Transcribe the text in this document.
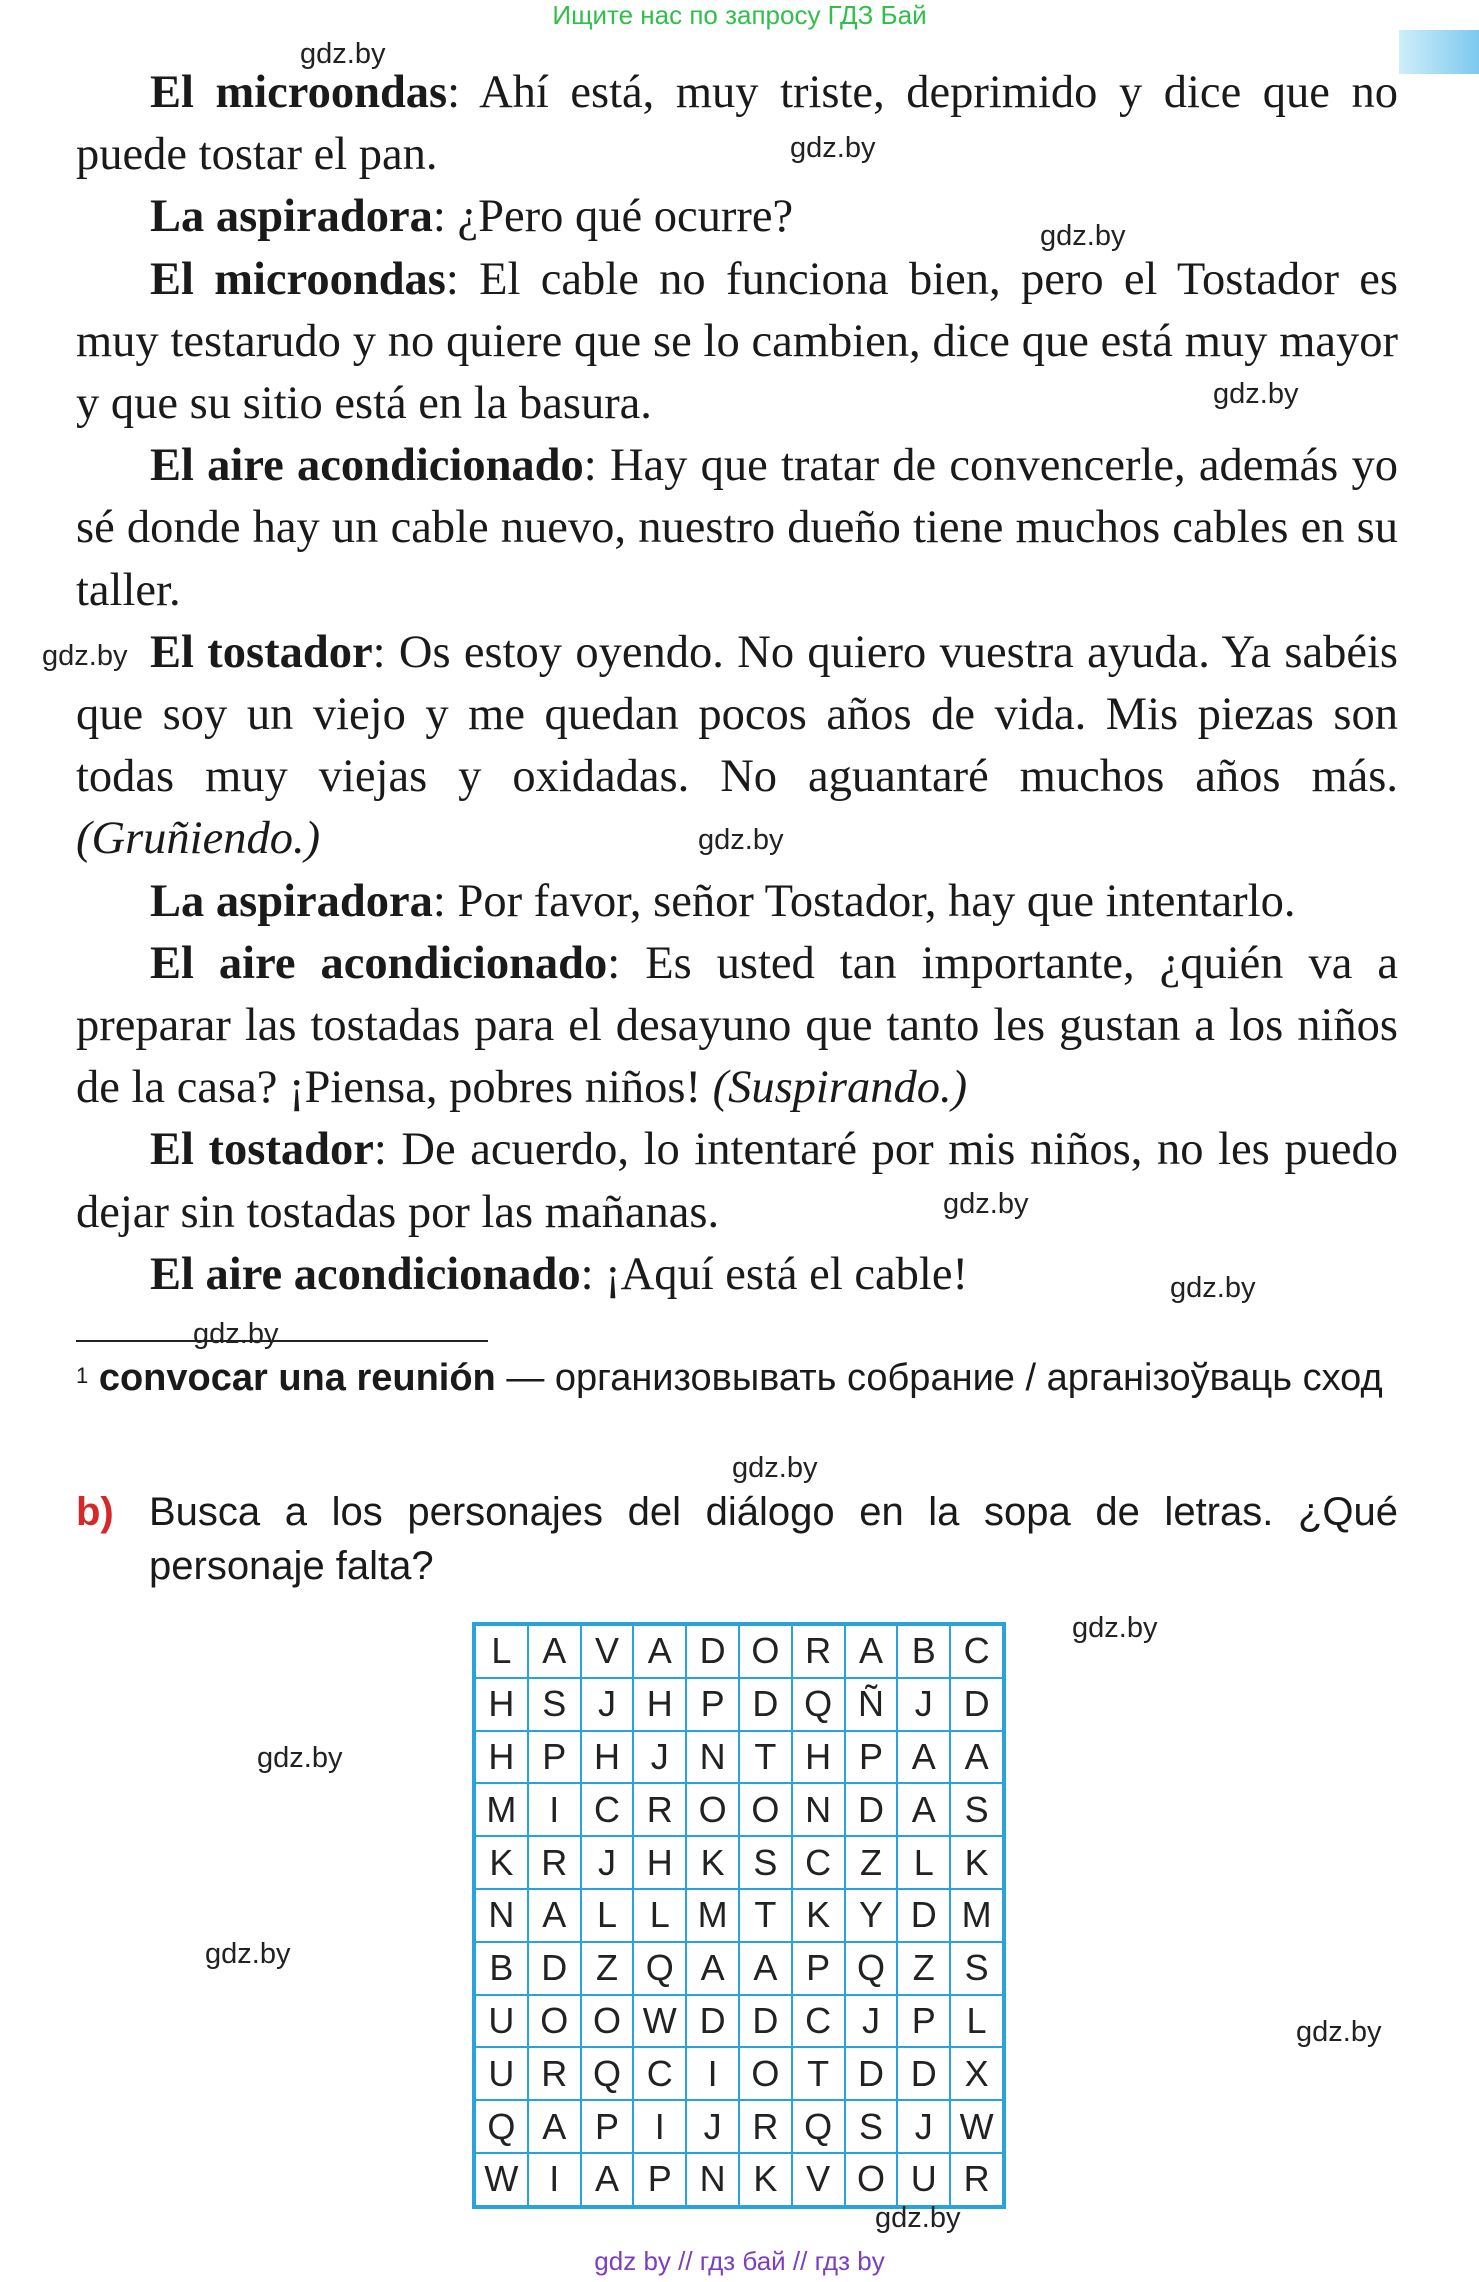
Ищите нас по запросу ГДЗ Бай

El microondas: Ahí está, muy triste, deprimido y dice que no puede tostar el pan.

La aspiradora: ¿Pero qué ocurre?

El microondas: El cable no funciona bien, pero el Tostador es muy testarudo y no quiere que se lo cambien, dice que está muy mayor y que su sitio está en la basura.

El aire acondicionado: Hay que tratar de convencerle, además yo sé donde hay un cable nuevo, nuestro dueño tiene muchos cables en su taller.

El tostador: Os estoy oyendo. No quiero vuestra ayuda. Ya sabéis que soy un viejo y me quedan pocos años de vida. Mis piezas son todas muy viejas y oxidadas. No aguantaré muchos años más. (Gruñiendo.)

La aspiradora: Por favor, señor Tostador, hay que intentarlo.

El aire acondicionado: Es usted tan importante, ¿quién va a preparar las tostadas para el desayuno que tanto les gustan a los niños de la casa? ¡Piensa, pobres niños! (Suspirando.)

El tostador: De acuerdo, lo intentaré por mis niños, no les puedo dejar sin tostadas por las mañanas.

El aire acondicionado: ¡Aquí está el cable!

$^1$ convocar una reunión — организовывать собрание / арганізоўваць сход
b) Busca a los personajes del diálogo en la sopa de letras. ¿Qué personaje falta?
L A V A D O R A B C
H S J H P D Q Ñ J D
H P H J N T H P A A
M I C R O O N D A S
K R J H K S C Z L K
N A L L M T K Y D M
B D Z Q A A P Q Z S
U O O W D D C J P L
U R Q C I O T D D X
Q A P I	J R Q S J W
W I A P N K V O U R
gdz.by
gdz.by
gdz.by
gdz.by
gdz.by
gdz.by
gdz.by
gdz.by
gdz.by
gdz.by
gdz.by
gdz.by
gdz.by
gdz.by
gdz.by
gdz by // гдз бай // гдз by
